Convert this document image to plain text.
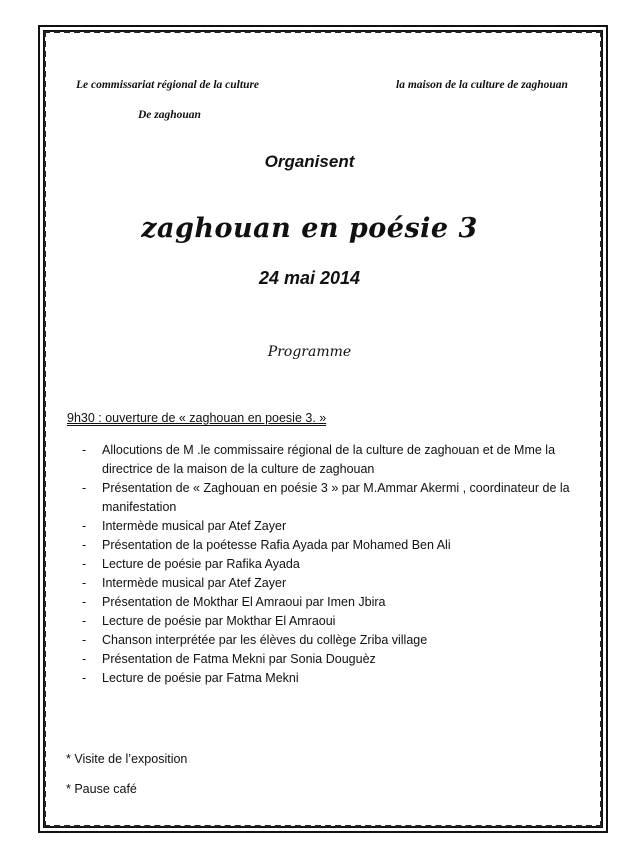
Le commissariat régional de la culture
De zaghouan
la maison de la culture de zaghouan
Organisent
zaghouan en poésie 3
24 mai 2014
Programme
9h30 : ouverture de « zaghouan en poesie 3. »
- Allocutions de M .le commissaire régional de la culture de zaghouan et de Mme la directrice de la maison de la culture de zaghouan
- Présentation de « Zaghouan en poésie 3 » par M.Ammar Akermi , coordinateur de la manifestation
- Intermède musical par Atef Zayer
- Présentation de la poétesse Rafia Ayada par Mohamed Ben Ali
- Lecture de poésie par Rafika Ayada
- Intermède musical par Atef Zayer
- Présentation de Mokthar El Amraoui par Imen Jbira
- Lecture de poésie par Mokthar El Amraoui
- Chanson interprétée par les élèves du collège Zriba village
- Présentation de Fatma Mekni par Sonia Douguèz
- Lecture de poésie par Fatma Mekni
* Visite de l’exposition
* Pause café
